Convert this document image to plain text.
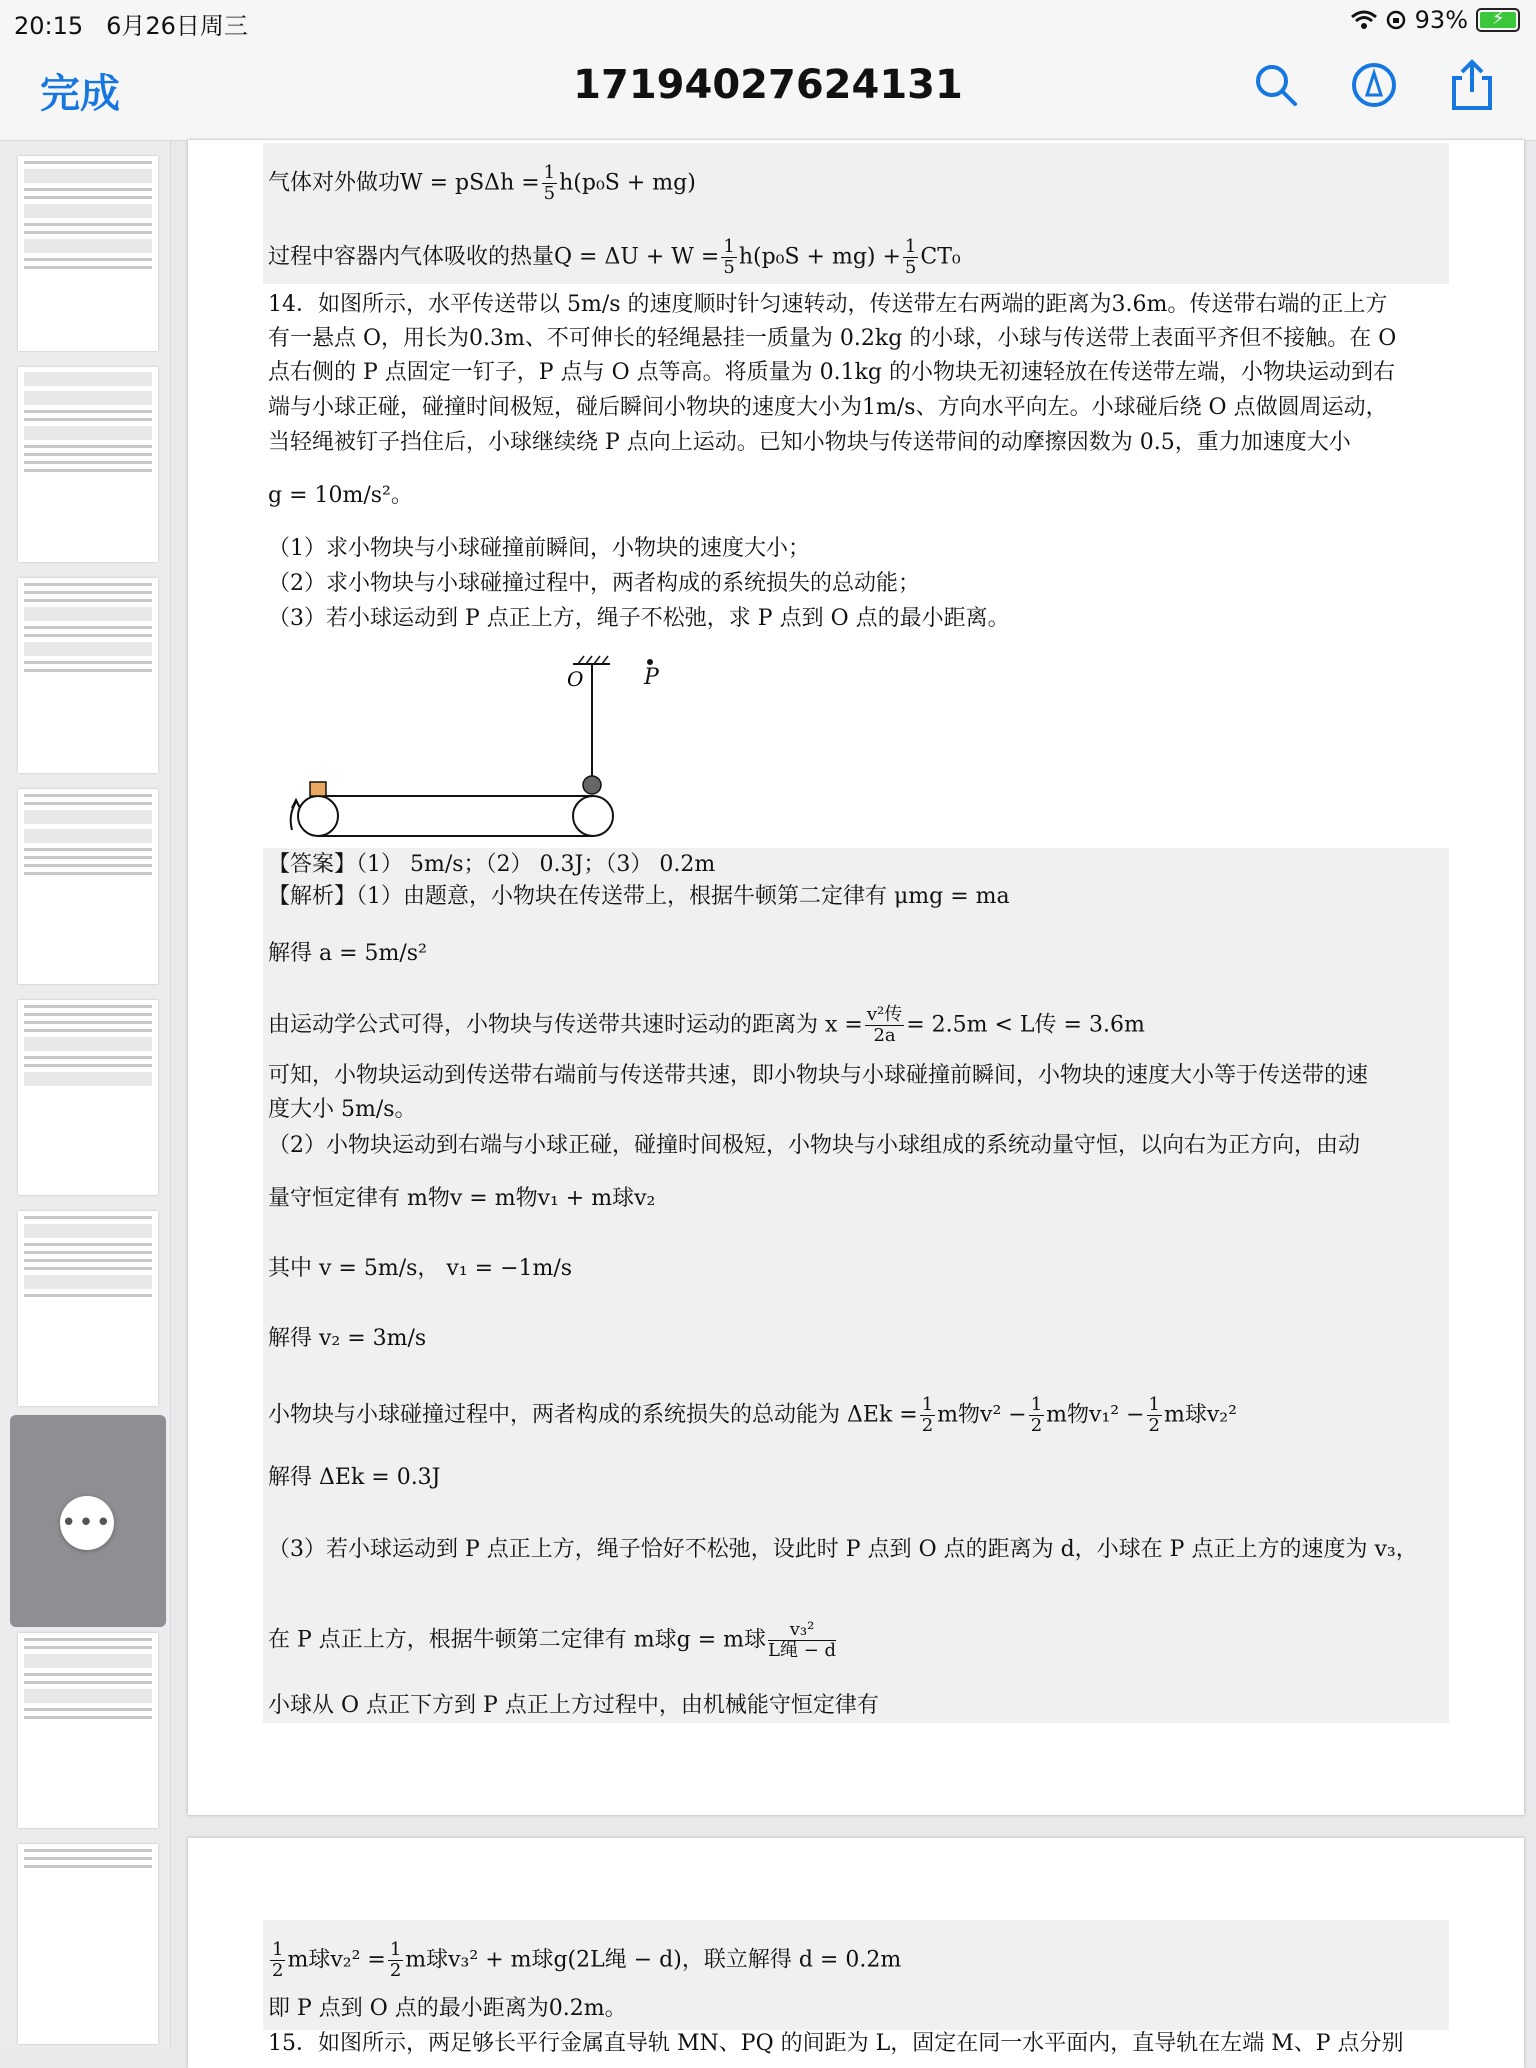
20:15 6月26日周三	93% ⚡
完成	17194027624131
•••
气体对外做功$W = pS\Delta h = \frac{1}{5} h(p_0S + mg)$
过程中容器内气体吸收的热量$Q = \Delta U + W = \frac{1}{5} h(p_0S + mg) + \frac{1}{5} CT_0$
14．如图所示，水平传送带以 5m/s 的速度顺时针匀速转动，传送带左右两端的距离为3.6m。传送带右端的正上方
有一悬点 O，用长为0.3m、不可伸长的轻绳悬挂一质量为 0.2kg 的小球，小球与传送带上表面平齐但不接触。在 O
点右侧的 P 点固定一钉子，P 点与 O 点等高。将质量为 0.1kg 的小物块无初速轻放在传送带左端，小物块运动到右
端与小球正碰，碰撞时间极短，碰后瞬间小物块的速度大小为1m/s、方向水平向左。小球碰后绕 O 点做圆周运动，
当轻绳被钉子挡住后，小球继续绕 P 点向上运动。已知小物块与传送带间的动摩擦因数为 0.5，重力加速度大小
g = 10m/s²。
（1）求小物块与小球碰撞前瞬间，小物块的速度大小；
（2）求小物块与小球碰撞过程中，两者构成的系统损失的总动能；
（3）若小球运动到 P 点正上方，绳子不松弛，求 P 点到 O 点的最小距离。
O	P
【答案】（1） 5m/s；（2） 0.3J；（3） 0.2m
【解析】（1）由题意，小物块在传送带上，根据牛顿第二定律有 μmg = ma
解得 a = 5m/s²
由运动学公式可得，小物块与传送带共速时运动的距离为 x = v²传
2a = 2.5m < L传 = 3.6m
可知，小物块运动到传送带右端前与传送带共速，即小物块与小球碰撞前瞬间，小物块的速度大小等于传送带的速
度大小 5m/s。
（2）小物块运动到右端与小球正碰，碰撞时间极短，小物块与小球组成的系统动量守恒，以向右为正方向，由动
量守恒定律有 m物v = m物v₁ + m球v₂
其中 v = 5m/s， v₁ = −1m/s
解得 v₂ = 3m/s
小物块与小球碰撞过程中，两者构成的系统损失的总动能为 $\Delta Ek = \frac{1}{2}$ m物$v^2 - \frac{1}{2}$ m物$v_1^2 - \frac{1}{2}$ m球v₂²
解得 ΔEk = 0.3J
（3）若小球运动到 P 点正上方，绳子恰好不松弛，设此时 P 点到 O 点的距离为 d，小球在 P 点正上方的速度为 v₃，
在 P 点正上方，根据牛顿第二定律有 m球g = m球	v₃²
L绳 − d
小球从 O 点正下方到 P 点正上方过程中，由机械能守恒定律有
$\frac{1}{2}$ m球$v_2^2 = \frac{1}{2}$ m球v₃² + m球g(2L绳 − d)，联立解得 d = 0.2m
即 P 点到 O 点的最小距离为0.2m。
15．如图所示，两足够长平行金属直导轨 MN、PQ 的间距为 L，固定在同一水平面内，直导轨在左端 M、P 点分别
